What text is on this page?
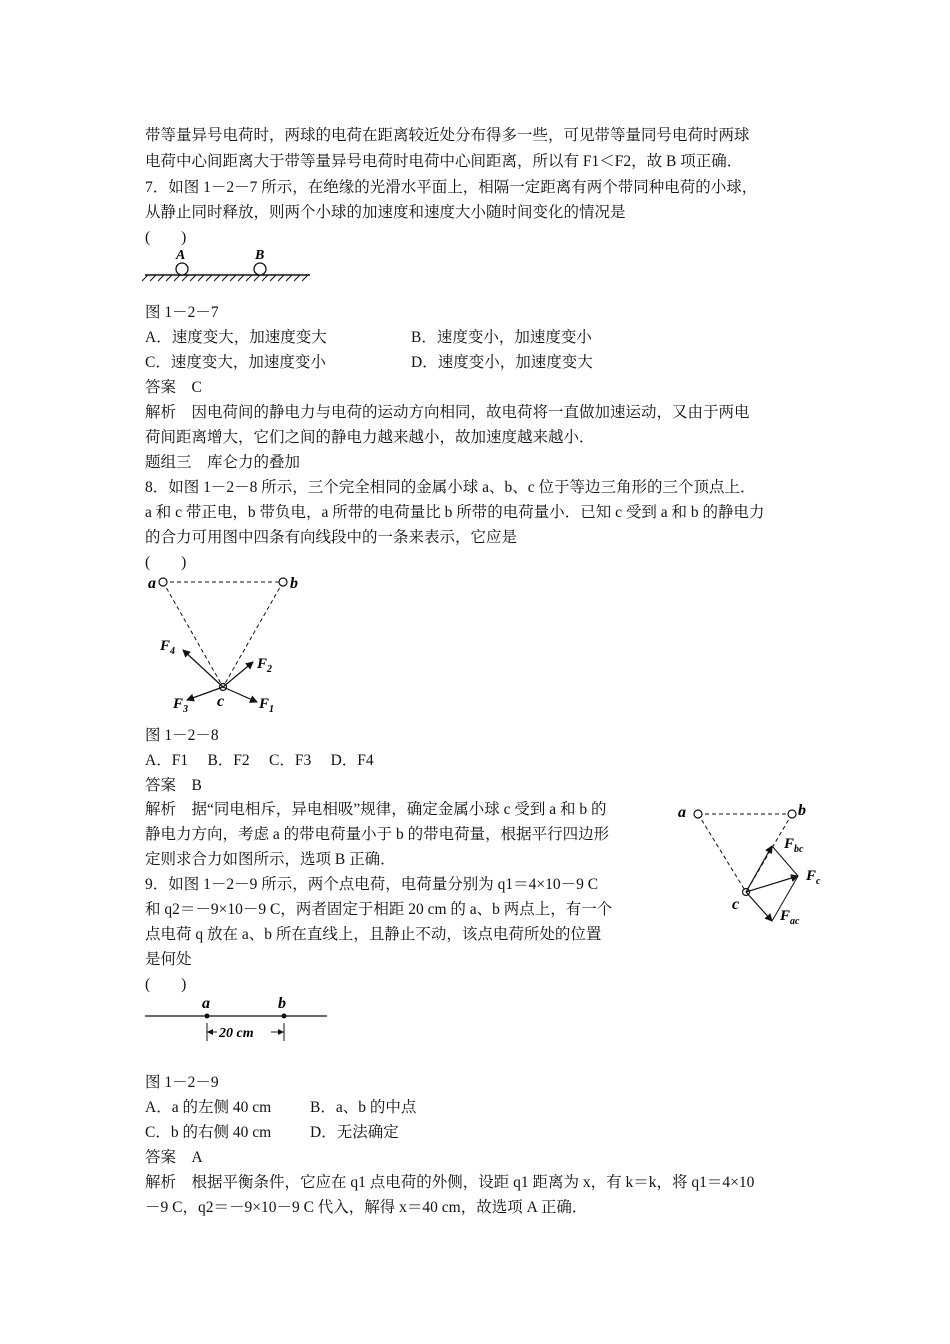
带等量异号电荷时，两球的电荷在距离较近处分布得多一些，可见带等量同号电荷时两球
电荷中心间距离大于带等量异号电荷时电荷中心间距离，所以有 F1＜F2，故 B 项正确．
7．如图 1－2－7 所示，在绝缘的光滑水平面上，相隔一定距离有两个带同种电荷的小球，
从静止同时释放，则两个小球的加速度和速度大小随时间变化的情况是
(　　)
A	B
图 1－2－7
A．速度变大，加速度变大	B．速度变小，加速度变小
C．速度变大，加速度变小	D．速度变小，加速度变大
答案　C
解析　因电荷间的静电力与电荷的运动方向相同，故电荷将一直做加速运动，又由于两电
荷间距离增大，它们之间的静电力越来越小，故加速度越来越小．
题组三　库仑力的叠加
8．如图 1－2－8 所示，三个完全相同的金属小球 a、b、c 位于等边三角形的三个顶点上．
a 和 c 带正电，b 带负电，a 所带的电荷量比 b 所带的电荷量小．已知 c 受到 a 和 b 的静电力
的合力可用图中四条有向线段中的一条来表示，它应是
(　　)
a	b
c
$F_4$
$F_2$
$F_3$	$F_1$
图 1－2－8
A．F1　 B．F2　 C．F3　 D．F4
答案　B
解析　据“同电相斥，异电相吸”规律，确定金属小球 c 受到 a 和 b 的
静电力方向，考虑 a 的带电荷量小于 b 的带电荷量，根据平行四边形
定则求合力如图所示，选项 B 正确．
a	b
c
$F_{bc}$
$F_c$
$F_{ac}$
9．如图 1－2－9 所示，两个点电荷，电荷量分别为 q1＝4×10－9 C
和 q2＝－9×10－9 C，两者固定于相距 20 cm 的 a、b 两点上，有一个
点电荷 q 放在 a、b 所在直线上，且静止不动，该点电荷所处的位置
是何处
(　　)
a	b
20 cm
图 1－2－9
A．a 的左侧 40 cm	B．a、b 的中点
C．b 的右侧 40 cm	D．无法确定
答案　A
解析　根据平衡条件，它应在 q1 点电荷的外侧，设距 q1 距离为 x，有 k＝k，将 q1＝4×10
－9 C，q2＝－9×10－9 C 代入，解得 x＝40 cm，故选项 A 正确．
